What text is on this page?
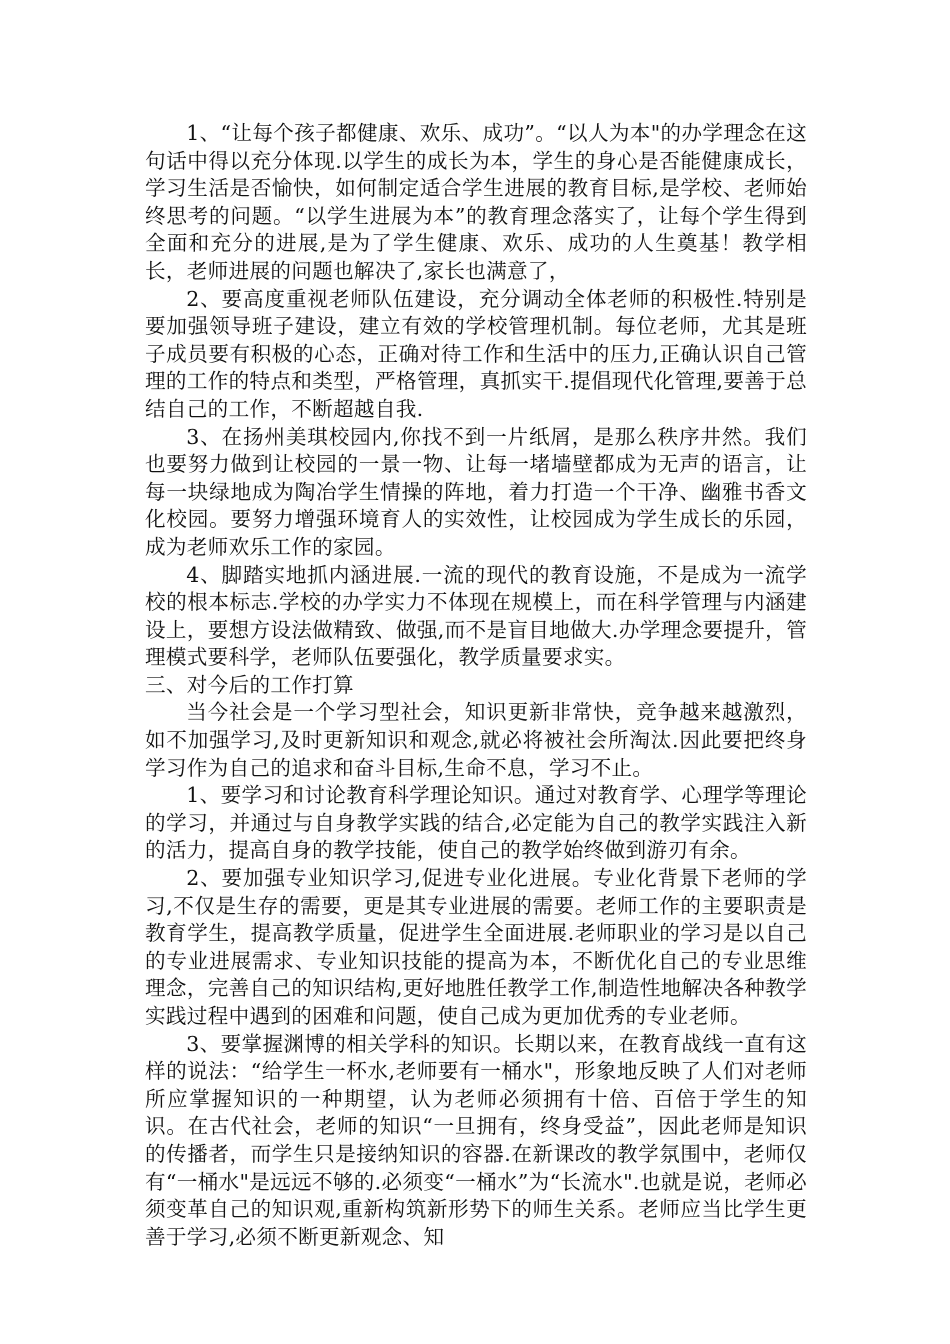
1、“让每个孩子都健康、欢乐、成功”。“以人为本"的办学理念在这句话中得以充分体现.以学生的成长为本，学生的身心是否能健康成长，学习生活是否愉快，如何制定适合学生进展的教育目标,是学校、老师始终思考的问题。“以学生进展为本”的教育理念落实了，让每个学生得到全面和充分的进展,是为了学生健康、欢乐、成功的人生奠基！教学相长，老师进展的问题也解决了,家长也满意了，

2、要高度重视老师队伍建设，充分调动全体老师的积极性.特别是要加强领导班子建设，建立有效的学校管理机制。每位老师，尤其是班子成员要有积极的心态，正确对待工作和生活中的压力,正确认识自己管理的工作的特点和类型，严格管理，真抓实干.提倡现代化管理,要善于总结自己的工作，不断超越自我.

3、在扬州美琪校园内,你找不到一片纸屑，是那么秩序井然。我们也要努力做到让校园的一景一物、让每一堵墙壁都成为无声的语言，让每一块绿地成为陶冶学生情操的阵地，着力打造一个干净、幽雅书香文化校园。要努力增强环境育人的实效性，让校园成为学生成长的乐园，成为老师欢乐工作的家园。

4、脚踏实地抓内涵进展.一流的现代的教育设施，不是成为一流学校的根本标志.学校的办学实力不体现在规模上，而在科学管理与内涵建设上，要想方设法做精致、做强,而不是盲目地做大.办学理念要提升，管理模式要科学，老师队伍要强化，教学质量要求实。

三、对今后的工作打算

当今社会是一个学习型社会，知识更新非常快，竞争越来越激烈，如不加强学习,及时更新知识和观念,就必将被社会所淘汰.因此要把终身学习作为自己的追求和奋斗目标,生命不息，学习不止。

1、要学习和讨论教育科学理论知识。通过对教育学、心理学等理论的学习，并通过与自身教学实践的结合,必定能为自己的教学实践注入新的活力，提高自身的教学技能，使自己的教学始终做到游刃有余。

2、要加强专业知识学习,促进专业化进展。专业化背景下老师的学习,不仅是生存的需要，更是其专业进展的需要。老师工作的主要职责是教育学生，提高教学质量，促进学生全面进展.老师职业的学习是以自己的专业进展需求、专业知识技能的提高为本，不断优化自己的专业思维理念，完善自己的知识结构,更好地胜任教学工作,制造性地解决各种教学实践过程中遇到的困难和问题，使自己成为更加优秀的专业老师。

3、要掌握渊博的相关学科的知识。长期以来，在教育战线一直有这样的说法：“给学生一杯水,老师要有一桶水"，形象地反映了人们对老师所应掌握知识的一种期望，认为老师必须拥有十倍、百倍于学生的知识。在古代社会，老师的知识“一旦拥有，终身受益”，因此老师是知识的传播者，而学生只是接纳知识的容器.在新课改的教学氛围中，老师仅有“一桶水"是远远不够的.必须变“一桶水”为“长流水".也就是说，老师必须变革自己的知识观,重新构筑新形势下的师生关系。老师应当比学生更善于学习,必须不断更新观念、知
